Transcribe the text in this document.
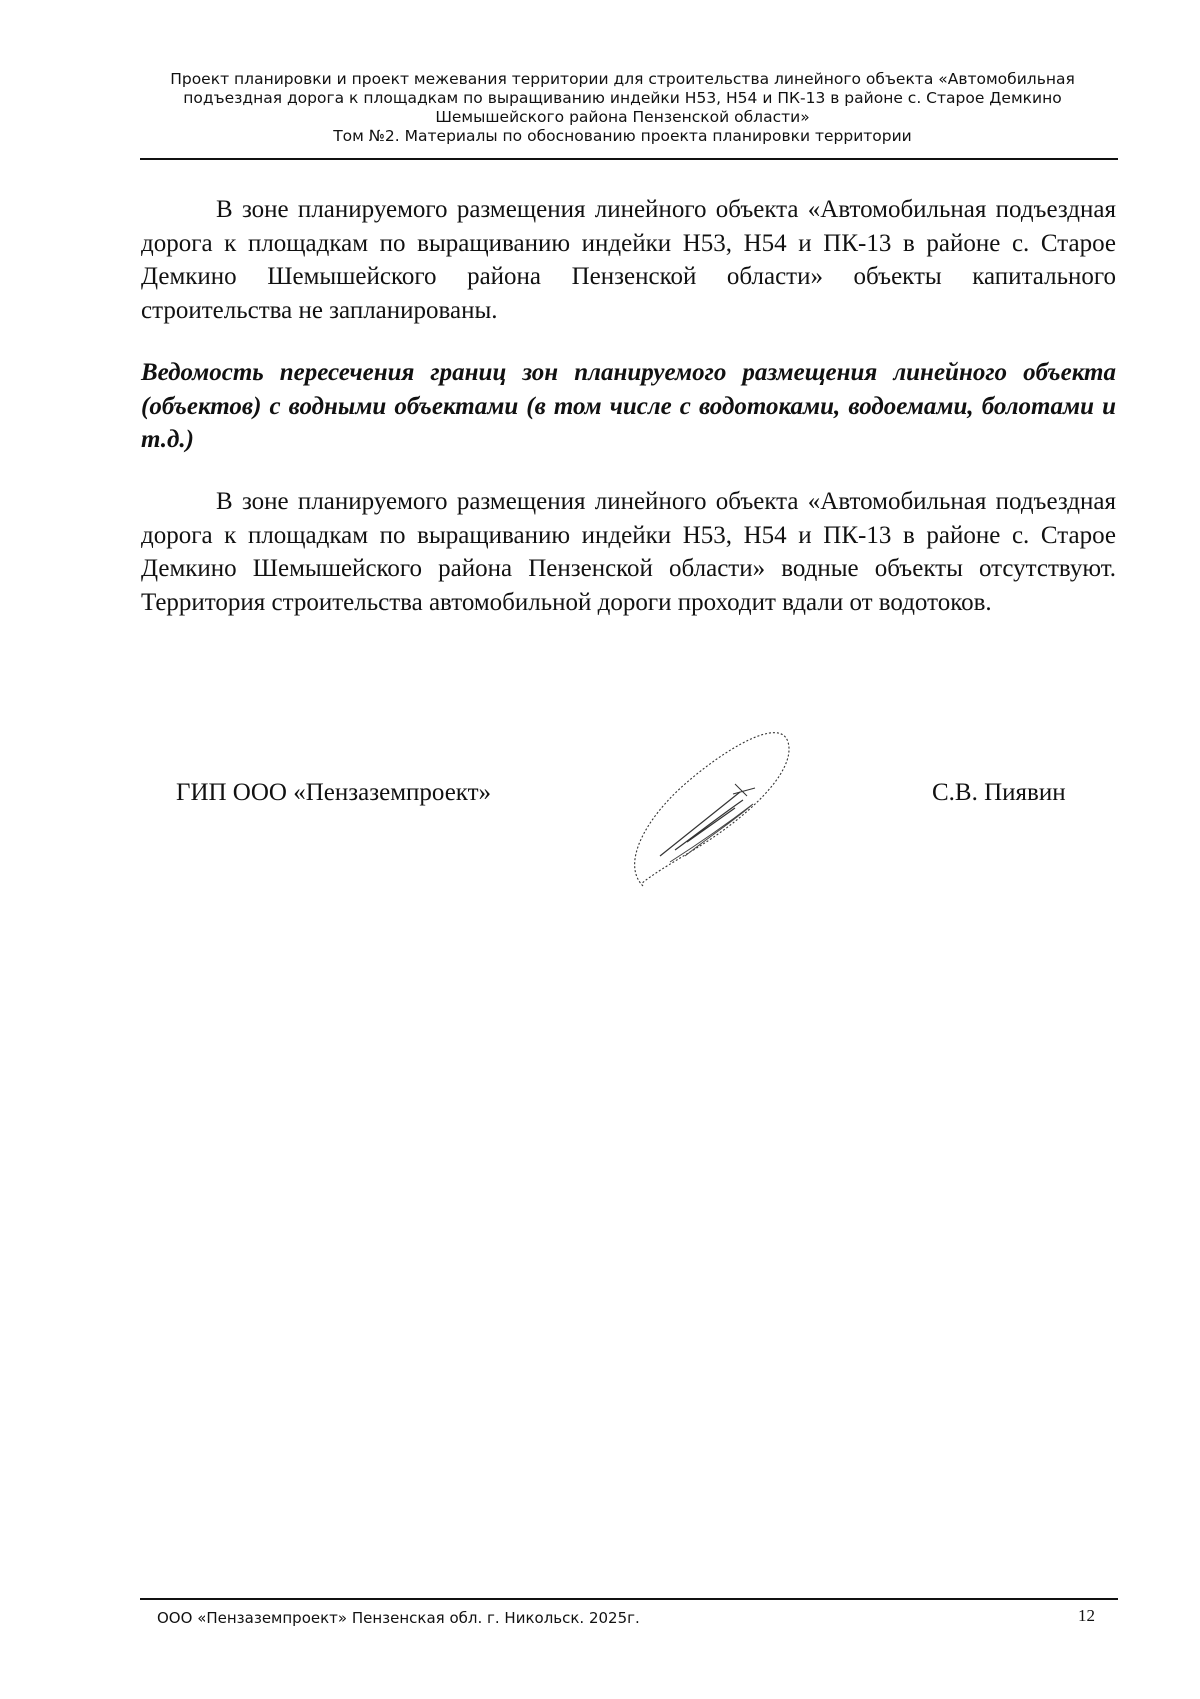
Проект планировки и проект межевания территории для строительства линейного объекта «Автомобильная
подъездная дорога к площадкам по выращиванию индейки Н53, Н54 и ПК-13 в районе с. Старое Демкино
Шемышейского района Пензенской области»
Том №2. Материалы по обоснованию проекта планировки территории

В зоне планируемого размещения линейного объекта «Автомобильная подъездная дорога к площадкам по выращиванию индейки Н53, Н54 и ПК-13 в районе с. Старое Демкино Шемышейского района Пензенской области» объекты капитального строительства не запланированы.

Ведомость пересечения границ зон планируемого размещения линейного объекта (объектов) с водными объектами (в том числе с водотоками, водоемами, болотами и т.д.)

В зоне планируемого размещения линейного объекта «Автомобильная подъездная дорога к площадкам по выращиванию индейки Н53, Н54 и ПК-13 в районе с. Старое Демкино Шемышейского района Пензенской области» водные объекты отсутствуют. Территория строительства автомобильной дороги проходит вдали от водотоков.

ГИП ООО «Пензаземпроект»	С.В. Пиявин
ООО «Пензаземпроект» Пензенская обл. г. Никольск. 2025г.	12
